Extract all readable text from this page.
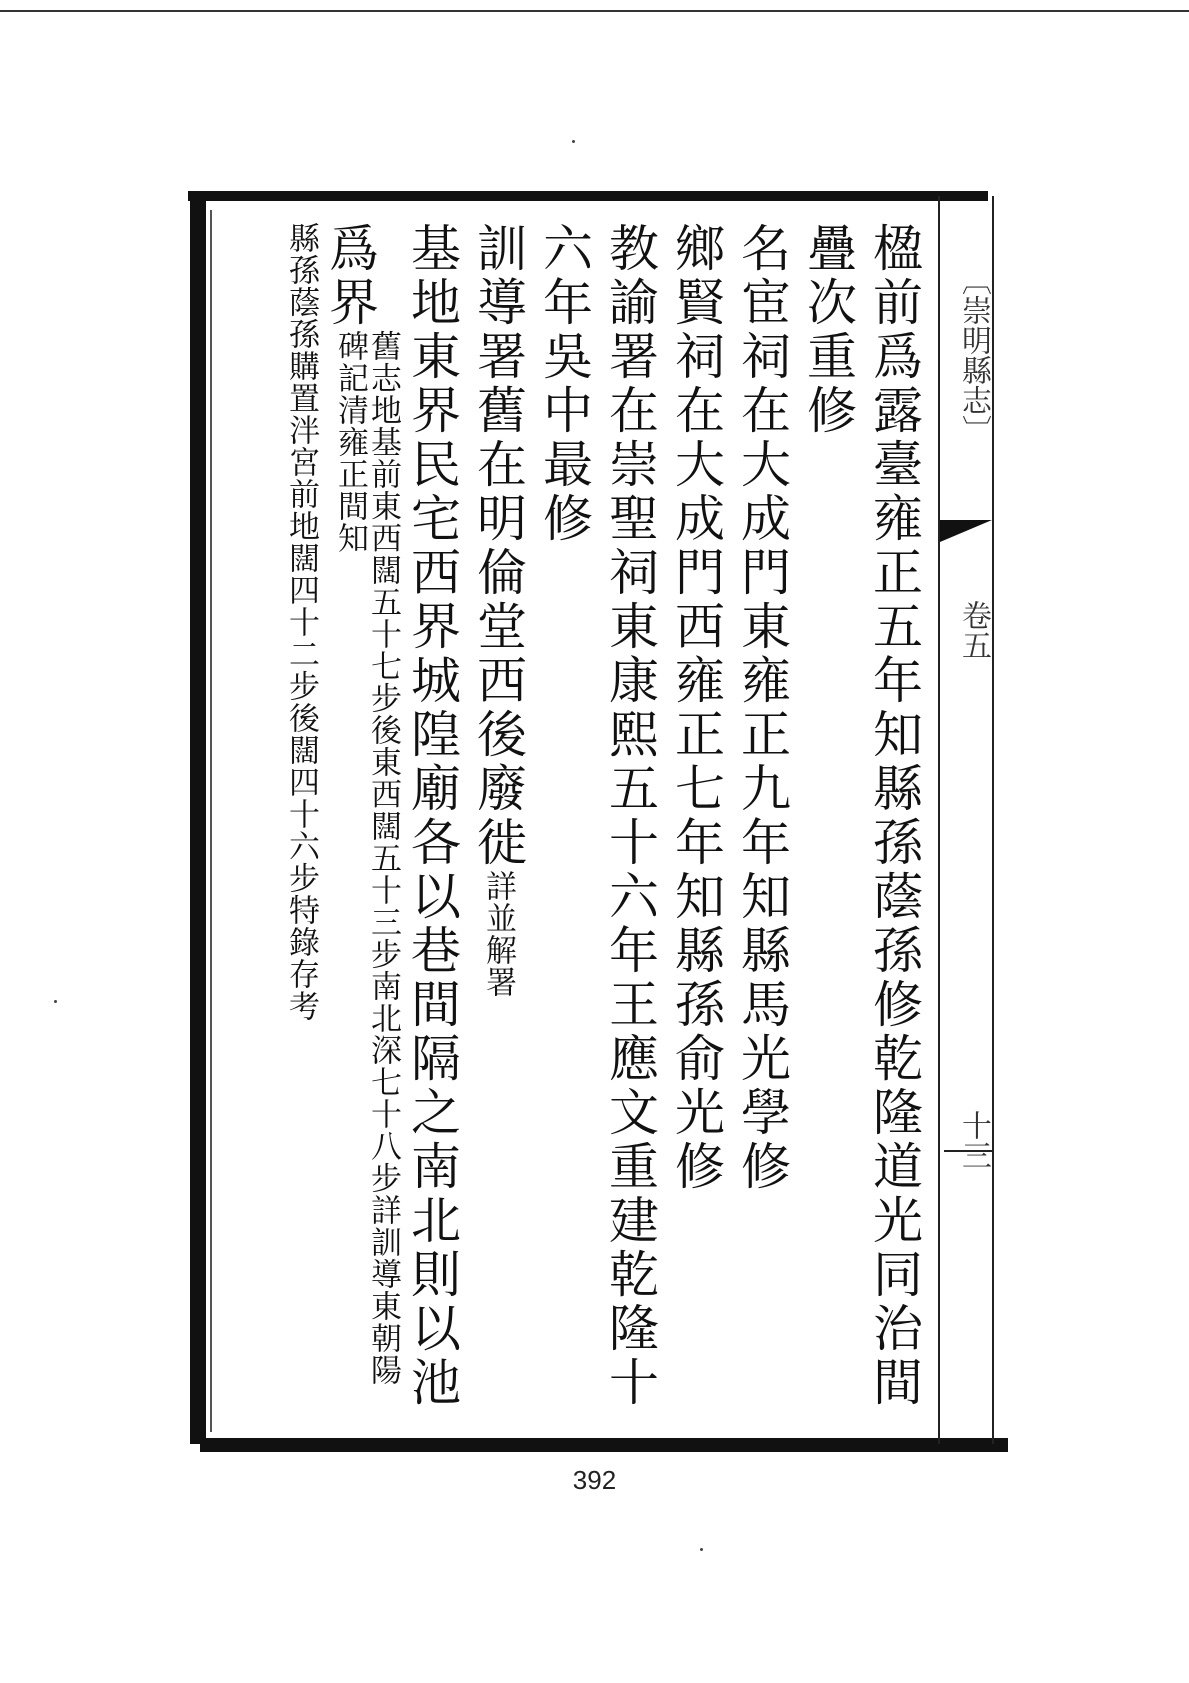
〔崇明縣志〕
卷五
十三
楹前爲露臺雍正五年知縣孫蔭孫修乾隆道光同治間
疊次重修
名宦祠在大成門東雍正九年知縣馬光學修
鄉賢祠在大成門西雍正七年知縣孫俞光修
教諭署在崇聖祠東康熙五十六年王應文重建乾隆十
六年吳中最修
訓導署舊在明倫堂西後廢徙詳並解署
基地東界民宅西界城隍廟各以巷間隔之南北則以池
爲界舊志地基前東西闊五十七步後東西闊五十三步南北深七十八步詳訓導東朝陽碑記清雍正間知
縣孫蔭孫購置泮宮前地闊四十二步後闊四十六步特錄存考
392
